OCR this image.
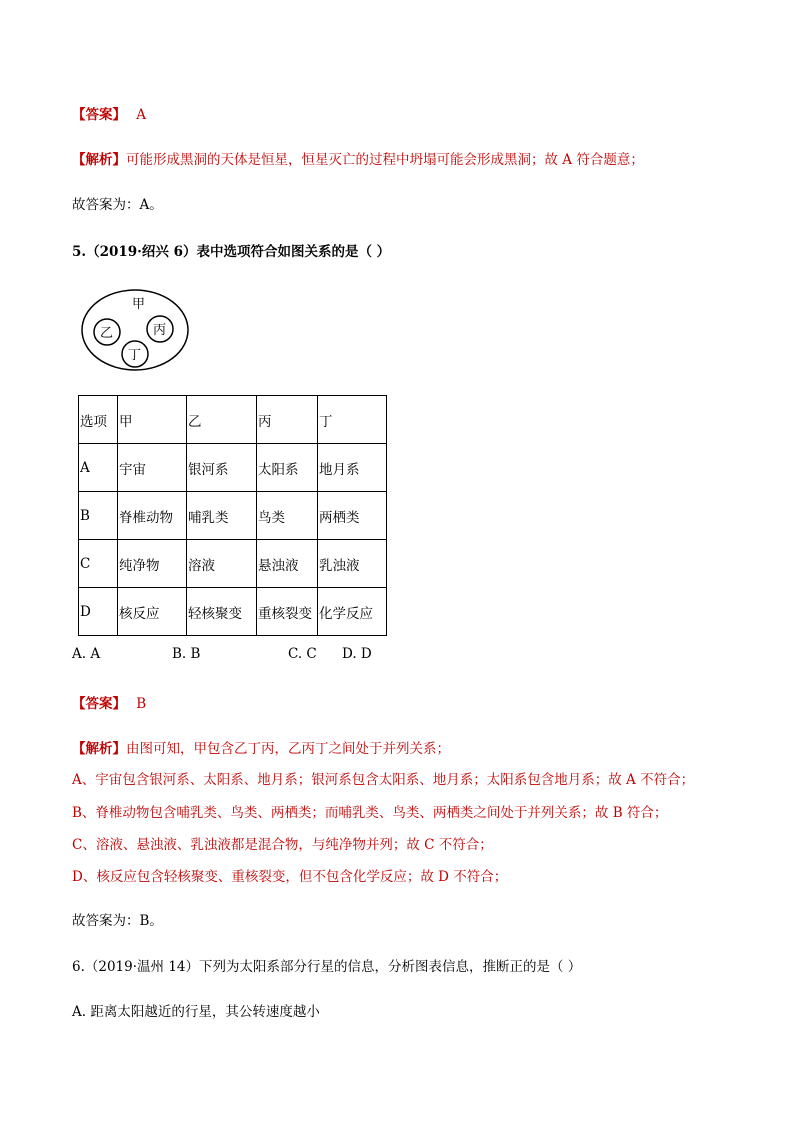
【答案】 A
【解析】可能形成黑洞的天体是恒星，恒星灭亡的过程中坍塌可能会形成黑洞；故 A 符合题意；
故答案为：A。
5.（2019·绍兴 6）表中选项符合如图关系的是（ ）
甲
乙	丙
丁
选项	甲	乙	丙	丁
A	宇宙	银河系	太阳系	地月系
B	脊椎动物	哺乳类	鸟类	两栖类
C	纯净物	溶液	悬浊液	乳浊液
D	核反应	轻核聚变	重核裂变	化学反应
A. A	B. B	C. C D. D
【答案】 B
【解析】由图可知，甲包含乙丁丙，乙丙丁之间处于并列关系；
A、宇宙包含银河系、太阳系、地月系；银河系包含太阳系、地月系；太阳系包含地月系；故 A 不符合；
B、脊椎动物包含哺乳类、鸟类、两栖类；而哺乳类、鸟类、两栖类之间处于并列关系；故 B 符合；
C、溶液、悬浊液、乳浊液都是混合物，与纯净物并列；故 C 不符合；
D、核反应包含轻核聚变、重核裂变，但不包含化学反应；故 D 不符合；
故答案为：B。
6.（2019·温州 14）下列为太阳系部分行星的信息，分析图表信息，推断正的是（ ）
A. 距离太阳越近的行星，其公转速度越小
